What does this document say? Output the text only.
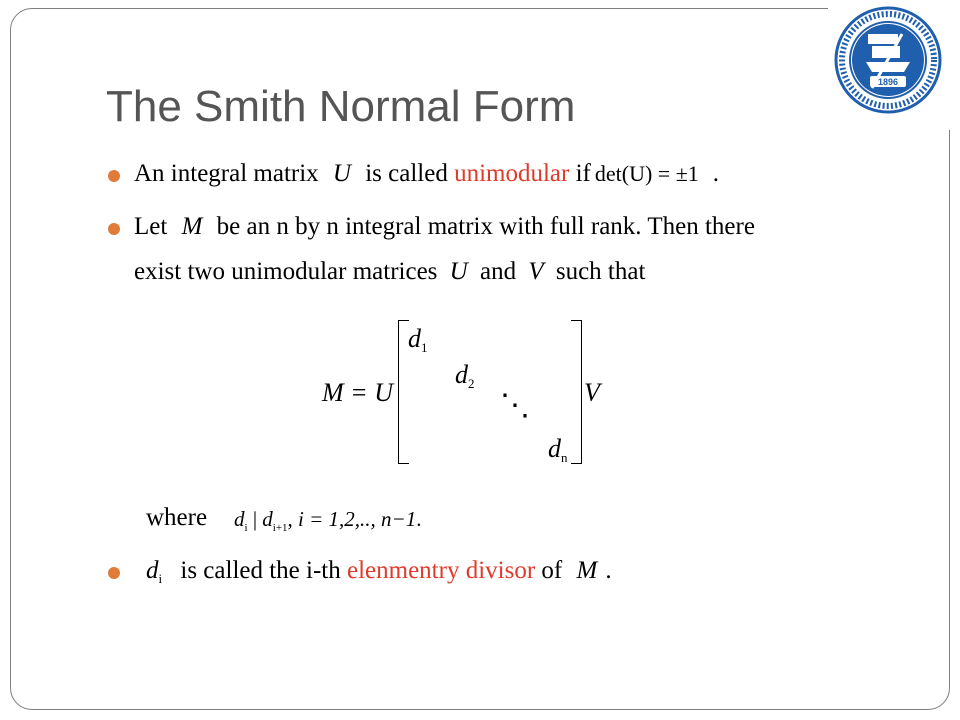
1896
The Smith Normal Form
An integral matrix U is called unimodular if det(U) = ±1 .
Let M be an n by n integral matrix with full rank. Then there
exist two unimodular matrices U and V such that
M = U
d1
d2
⋱
dn
V
where $d_i$ | $d_{i+1}$, i = 1,2,.., n−1.
$d_i$ is called the i-th elenmentry divisor of M .
